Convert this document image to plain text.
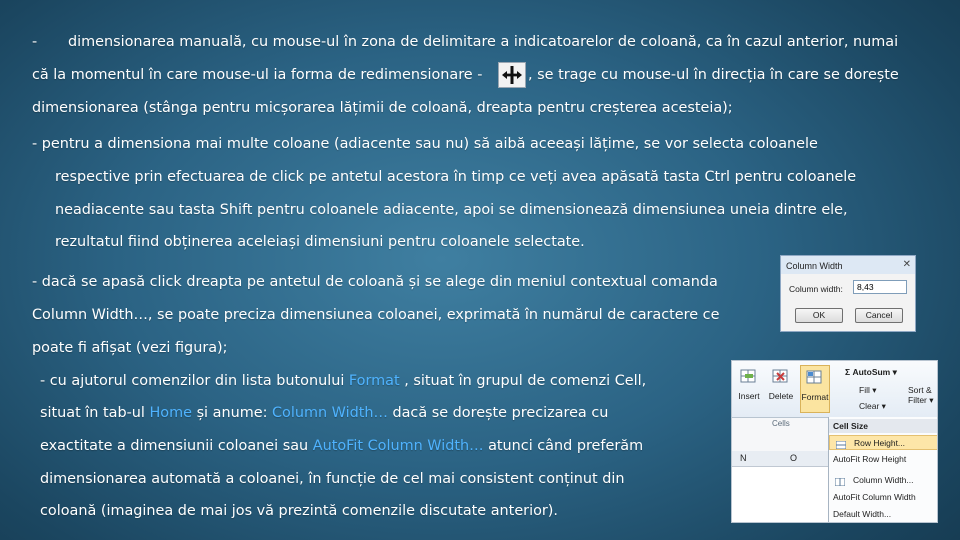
- dimensionarea manuală, cu mouse-ul în zona de delimitare a indicatoarelor de coloană, ca în cazul anterior, numai
că la momentul în care mouse-ul ia forma de redimensionare -	, se trage cu mouse-ul în direcția în care se dorește
dimensionarea (stânga pentru micșorarea lățimii de coloană, dreapta pentru creșterea acesteia);
- pentru a dimensiona mai multe coloane (adiacente sau nu) să aibă aceeași lățime, se vor selecta coloanele
respective prin efectuarea de click pe antetul acestora în timp ce veți avea apăsată tasta Ctrl pentru coloanele
neadiacente sau tasta Shift pentru coloanele adiacente, apoi se dimensionează dimensiunea uneia dintre ele,
rezultatul fiind obținerea aceleiași dimensiuni pentru coloanele selectate.
- dacă se apasă click dreapta pe antetul de coloană și se alege din meniul contextual comanda
Column Width…, se poate preciza dimensiunea coloanei, exprimată în numărul de caractere ce
poate fi afișat (vezi figura);
- cu ajutorul comenzilor din lista butonului Format , situat în grupul de comenzi Cell,
situat în tab-ul Home și anume: Column Width… dacă se dorește precizarea cu
exactitate a dimensiunii coloanei sau AutoFit Column Width… atunci când preferăm
dimensionarea automată a coloanei, în funcție de cel mai consistent conținut din
coloană (imaginea de mai jos vă prezintă comenzile discutate anterior).
Column Width	✕
Column width:	8,43
OK	Cancel
Insert	Delete Format
Σ AutoSum ▾
Fill ▾
Clear ▾
Sort &
Filter ▾
Cells
N	O
Cell Size
Row Height...
AutoFit Row Height
Column Width...
AutoFit Column Width
Default Width...
